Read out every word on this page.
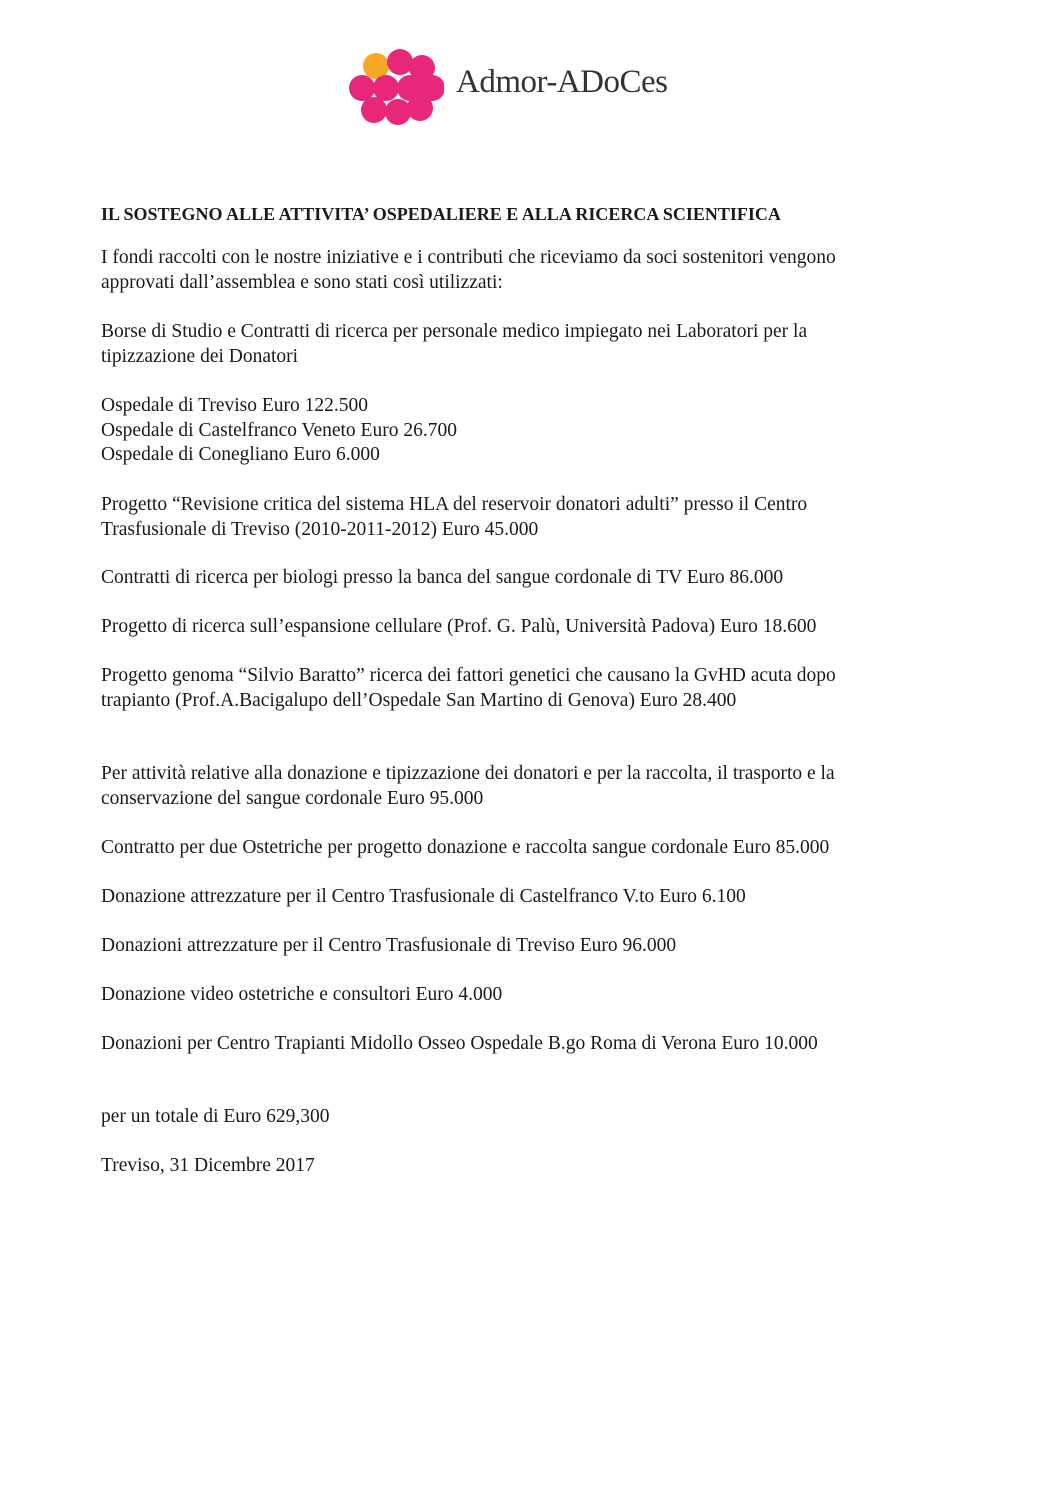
Admor-ADoCes
IL SOSTEGNO ALLE ATTIVITA’ OSPEDALIERE E ALLA RICERCA SCIENTIFICA
I fondi raccolti con le nostre iniziative e i contributi che riceviamo da soci sostenitori vengono
approvati dall’assemblea e sono stati così utilizzati:
Borse di Studio e Contratti di ricerca per personale medico impiegato nei Laboratori per la
tipizzazione dei Donatori
Ospedale di Treviso Euro 122.500
Ospedale di Castelfranco Veneto Euro 26.700
Ospedale di Conegliano Euro 6.000
Progetto “Revisione critica del sistema HLA del reservoir donatori adulti” presso il Centro
Trasfusionale di Treviso (2010-2011-2012) Euro 45.000
Contratti di ricerca per biologi presso la banca del sangue cordonale di TV Euro 86.000
Progetto di ricerca sull’espansione cellulare (Prof. G. Palù, Università Padova) Euro 18.600
Progetto genoma “Silvio Baratto” ricerca dei fattori genetici che causano la GvHD acuta dopo
trapianto (Prof.A.Bacigalupo dell’Ospedale San Martino di Genova) Euro 28.400
Per attività relative alla donazione e tipizzazione dei donatori e per la raccolta, il trasporto e la
conservazione del sangue cordonale Euro 95.000
Contratto per due Ostetriche per progetto donazione e raccolta sangue cordonale Euro 85.000
Donazione attrezzature per il Centro Trasfusionale di Castelfranco V.to Euro 6.100
Donazioni attrezzature per il Centro Trasfusionale di Treviso Euro 96.000
Donazione video ostetriche e consultori Euro 4.000
Donazioni per Centro Trapianti Midollo Osseo Ospedale B.go Roma di Verona Euro 10.000
per un totale di Euro 629,300
Treviso, 31 Dicembre 2017
